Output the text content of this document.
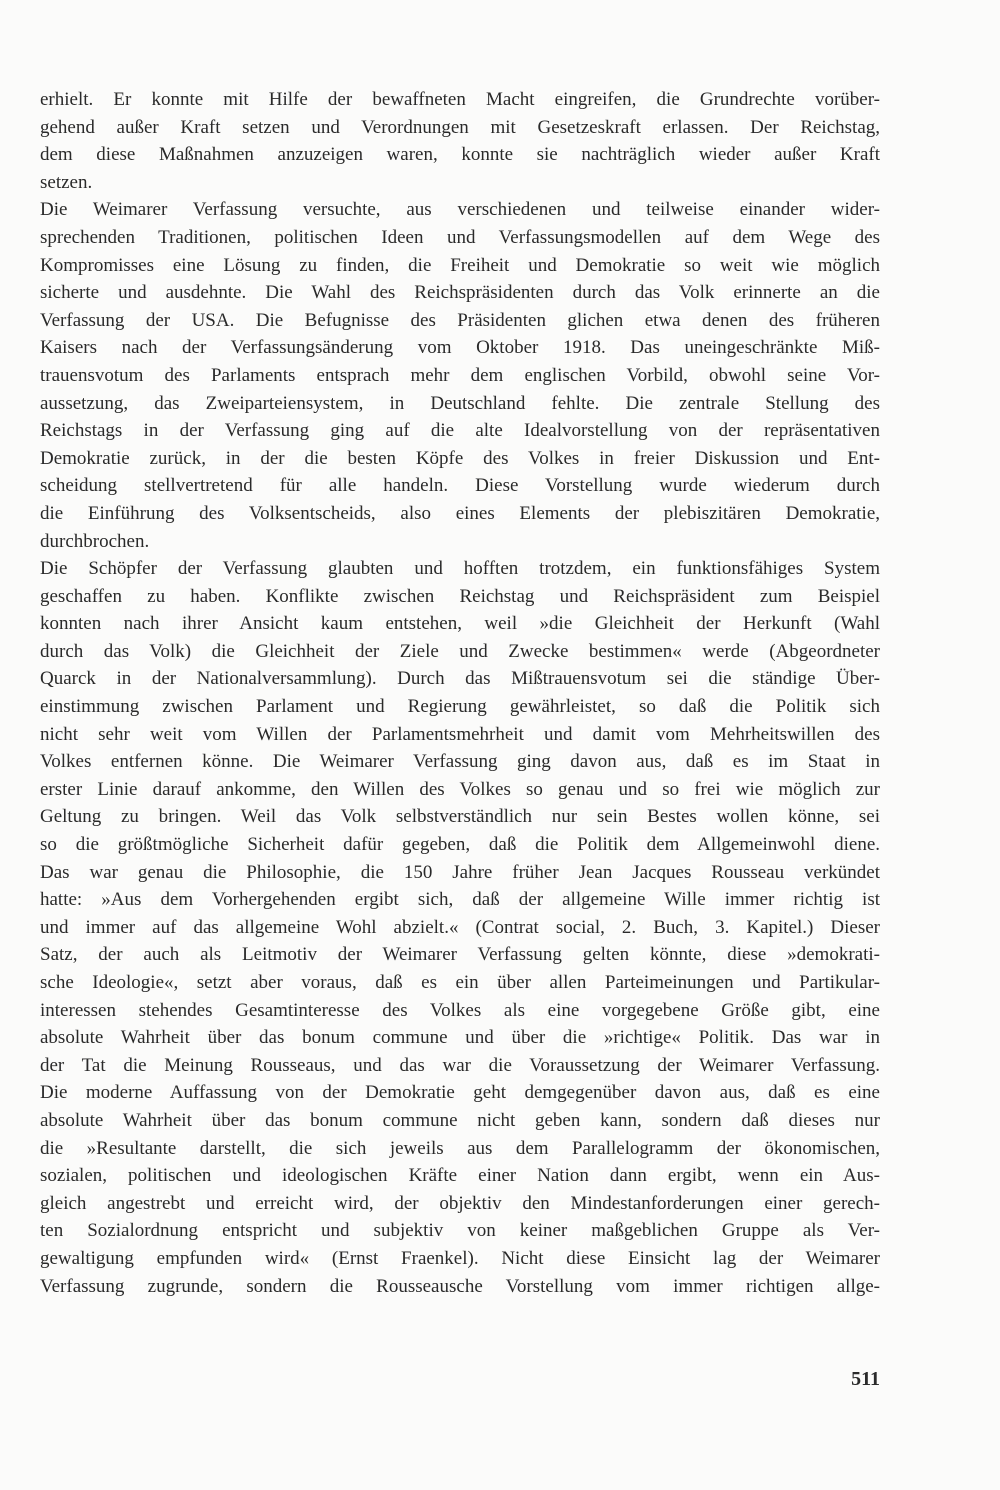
erhielt. Er konnte mit Hilfe der bewaffneten Macht eingreifen, die Grundrechte vorüber-
gehend außer Kraft setzen und Verordnungen mit Gesetzeskraft erlassen. Der Reichstag,
dem diese Maßnahmen anzuzeigen waren, konnte sie nachträglich wieder außer Kraft
setzen.
Die Weimarer Verfassung versuchte, aus verschiedenen und teilweise einander wider-
sprechenden Traditionen, politischen Ideen und Verfassungsmodellen auf dem Wege des
Kompromisses eine Lösung zu finden, die Freiheit und Demokratie so weit wie möglich
sicherte und ausdehnte. Die Wahl des Reichspräsidenten durch das Volk erinnerte an die
Verfassung der USA. Die Befugnisse des Präsidenten glichen etwa denen des früheren
Kaisers nach der Verfassungsänderung vom Oktober 1918. Das uneingeschränkte Miß-
trauensvotum des Parlaments entsprach mehr dem englischen Vorbild, obwohl seine Vor-
aussetzung, das Zweiparteiensystem, in Deutschland fehlte. Die zentrale Stellung des
Reichstags in der Verfassung ging auf die alte Idealvorstellung von der repräsentativen
Demokratie zurück, in der die besten Köpfe des Volkes in freier Diskussion und Ent-
scheidung stellvertretend für alle handeln. Diese Vorstellung wurde wiederum durch
die Einführung des Volksentscheids, also eines Elements der plebiszitären Demokratie,
durchbrochen.
Die Schöpfer der Verfassung glaubten und hofften trotzdem, ein funktionsfähiges System
geschaffen zu haben. Konflikte zwischen Reichstag und Reichspräsident zum Beispiel
konnten nach ihrer Ansicht kaum entstehen, weil »die Gleichheit der Herkunft (Wahl
durch das Volk) die Gleichheit der Ziele und Zwecke bestimmen« werde (Abgeordneter
Quarck in der Nationalversammlung). Durch das Mißtrauensvotum sei die ständige Über-
einstimmung zwischen Parlament und Regierung gewährleistet, so daß die Politik sich
nicht sehr weit vom Willen der Parlamentsmehrheit und damit vom Mehrheitswillen des
Volkes entfernen könne. Die Weimarer Verfassung ging davon aus, daß es im Staat in
erster Linie darauf ankomme, den Willen des Volkes so genau und so frei wie möglich zur
Geltung zu bringen. Weil das Volk selbstverständlich nur sein Bestes wollen könne, sei
so die größtmögliche Sicherheit dafür gegeben, daß die Politik dem Allgemeinwohl diene.
Das war genau die Philosophie, die 150 Jahre früher Jean Jacques Rousseau verkündet
hatte: »Aus dem Vorhergehenden ergibt sich, daß der allgemeine Wille immer richtig ist
und immer auf das allgemeine Wohl abzielt.« (Contrat social, 2. Buch, 3. Kapitel.) Dieser
Satz, der auch als Leitmotiv der Weimarer Verfassung gelten könnte, diese »demokrati-
sche Ideologie«, setzt aber voraus, daß es ein über allen Parteimeinungen und Partikular-
interessen stehendes Gesamtinteresse des Volkes als eine vorgegebene Größe gibt, eine
absolute Wahrheit über das bonum commune und über die »richtige« Politik. Das war in
der Tat die Meinung Rousseaus, und das war die Voraussetzung der Weimarer Verfassung.
Die moderne Auffassung von der Demokratie geht demgegenüber davon aus, daß es eine
absolute Wahrheit über das bonum commune nicht geben kann, sondern daß dieses nur
die »Resultante darstellt, die sich jeweils aus dem Parallelogramm der ökonomischen,
sozialen, politischen und ideologischen Kräfte einer Nation dann ergibt, wenn ein Aus-
gleich angestrebt und erreicht wird, der objektiv den Mindestanforderungen einer gerech-
ten Sozialordnung entspricht und subjektiv von keiner maßgeblichen Gruppe als Ver-
gewaltigung empfunden wird« (Ernst Fraenkel). Nicht diese Einsicht lag der Weimarer
Verfassung zugrunde, sondern die Rousseausche Vorstellung vom immer richtigen allge-
511
